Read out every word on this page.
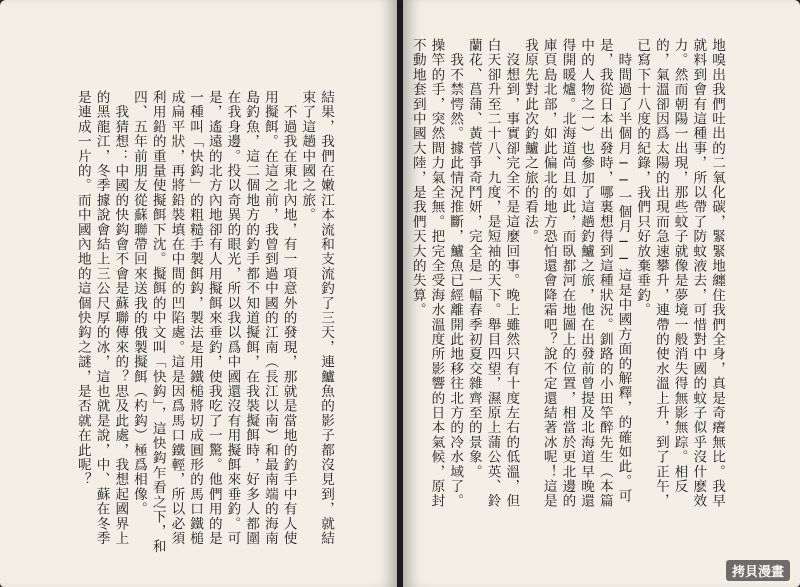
結果，我們在嫩江本流和支流釣了三天，連鱸魚的影子都沒見到，就結束了這趟中國之旅。
　不過我在東北內地，有一項意外的發現，那就是當地的釣手中有人使用擬餌。在這之前，我曾到過中國的江南（長江以南）和最南端的海南島釣魚，這二個地方的釣手都不知道擬餌，在我裝擬餌時，好多人都圍在我身邊。投以奇異的眼光，所以我以爲中國還沒有用擬餌來垂釣。可是，遙遠的北方內地卻有人用擬餌來垂釣，使我吃了一驚。他們用的是一種叫「快鈎」的粗糙手製餌鈎，製法是用鐵槌將切成圓形的馬口鐵槌成扁平狀，再將鉛裝填在中間的凹陷處。這是因爲馬口鐵輕，所以必須利用鉛的重量使擬餌下沈。擬餌的中文叫「快鈎」，這快鈎乍看之下，和四、五年前朋友從蘇聯帶回來送我的俄製擬餌（杓鈎）極爲相像。
　我猜想：中國的快鈎會不會是蘇聯傳來的？思及此處，我想起國界上的黑龍江，冬季據說會結上三公尺厚的冰，這也就是說，中、蘇在冬季是連成一片的。而中國內地的這個快鈎之謎，是否就在此呢？	地嗅出我們吐出的二氧化碳，緊緊地纏住我們全身，真是奇癢無比。我早就料到會有這種事，所以帶了防蚊液去，可惜對中國的蚊子似乎沒什麽效力。然而朝陽一出現，那些蚊子就像是夢境一般消失得無影無踪。相反的，氣溫卻因爲太陽的出現而急速攀升，連帶的使水溫上升，到了正午，已寫下十八度的紀錄，我們只好放棄垂釣。
　時間過了半個月──一個月──這是中國方面的解釋，的確如此。可是，我從日本出發時，哪裏想得到這種狀況。釧路的小田竿醉先生（本篇中的人物之一）也參加了這趟釣鱸之旅，他在出發前曾提及北海道早晚還得開暖爐。北海道尚且如此，而臥都河在地圖上的位置，相當於更北邊的庫頁島北部，如此偏北的地方恐怕還會降霜吧？說不定還結著冰呢！這是我原先對此次釣鱸之旅的看法。
　沒想到，事實卻完全不是這麼回事。晚上雖然只有十度左右的低溫，但白天卻升至二十八、九度，是短袖的天下。舉目四望，濕原上蒲公英、鈴蘭花、菖蒲、黃菅爭奇鬥妍，完全是一幅春季初夏交雜齊至的景象。
　我不禁愕然。據此情況推斷，鱸魚已經離開此地移往北方的冷水域了。操竿的手，突然間力氣全無。把完全受海水溫度所影響的日本氣候，原封不動地套到中國大陸，是我們天大的失算。
拷貝漫畫
